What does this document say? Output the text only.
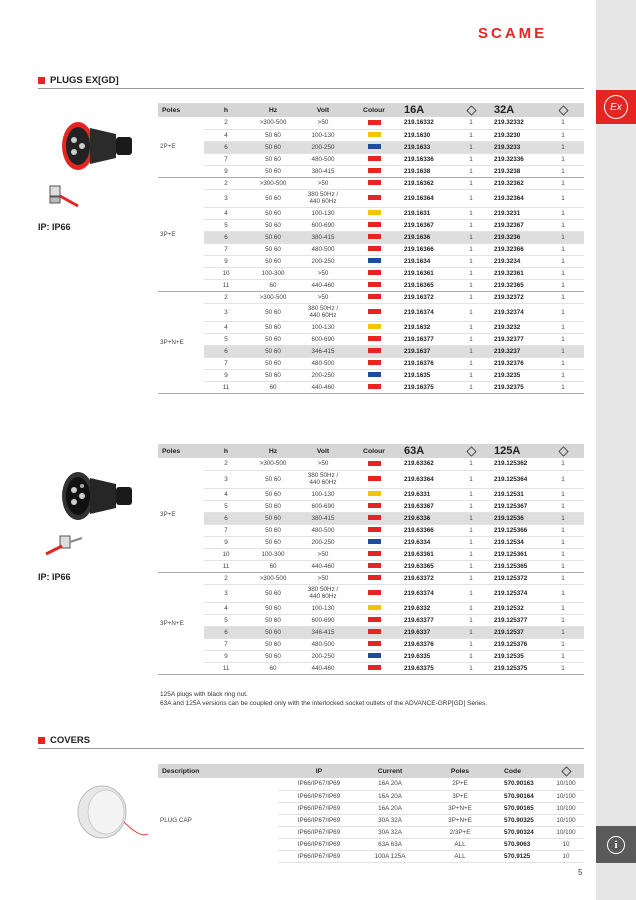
SCAME
Ex
i
PLUGS EX[GD]
IP: IP66
Poles	h	Hz	Volt	Colour	16A		32A	
2P+E	2	>300-500	>50		219.16332	1	219.32332	1
	4	50 60	100-130		219.1630	1	219.3230	1
	6	50 60	200-250		219.1633	1	219.3233	1
	7	50 60	480-500		219.16336	1	219.32336	1
	9	50 60	380-415		219.1638	1	219.3238	1
3P+E	2	>300-500	>50		219.16362	1	219.32362	1
	3	50 60	380 50Hz /
440 60Hz		219.16364	1	219.32364	1
	4	50 60	100-130		219.1631	1	219.3231	1
	5	50 60	600-690		219.16367	1	219.32367	1
	6	50 60	380-415		219.1636	1	219.3236	1
	7	50 60	480-500		219.16366	1	219.32366	1
	9	50 60	200-250		219.1634	1	219.3234	1
	10	100-300	>50		219.16361	1	219.32361	1
	11	60	440-460		219.16365	1	219.32365	1
3P+N+E	2	>300-500	>50		219.16372	1	219.32372	1
	3	50 60	380 50Hz /
440 60Hz		219.16374	1	219.32374	1
	4	50 60	100-130		219.1632	1	219.3232	1
	5	50 60	600-690		219.16377	1	219.32377	1
	6	50 60	346-415		219.1637	1	219.3237	1
	7	50 60	480-500		219.16376	1	219.32376	1
	9	50 60	200-250		219.1635	1	219.3235	1
	11	60	440-460		219.16375	1	219.32375	1
IP: IP66
Poles	h	Hz	Volt	Colour	63A		125A	
3P+E	2	>300-500	>50		219.63362	1	219.125362	1
	3	50 60	380 50Hz /
440 60Hz		219.63364	1	219.125364	1
	4	50 60	100-130		219.6331	1	219.12531	1
	5	50 60	600-690		219.63367	1	219.125367	1
	6	50 60	380-415		219.6336	1	219.12536	1
	7	50 60	480-500		219.63366	1	219.125366	1
	9	50 60	200-250		219.6334	1	219.12534	1
	10	100-300	>50		219.63361	1	219.125361	1
	11	60	440-460		219.63365	1	219.125365	1
3P+N+E	2	>300-500	>50		219.63372	1	219.125372	1
	3	50 60	380 50Hz /
440 60Hz		219.63374	1	219.125374	1
	4	50 60	100-130		219.6332	1	219.12532	1
	5	50 60	600-690		219.63377	1	219.125377	1
	6	50 60	346-415		219.6337	1	219.12537	1
	7	50 60	480-500		219.63376	1	219.125376	1
	9	50 60	200-250		219.6335	1	219.12535	1
	11	60	440-460		219.63375	1	219.125375	1
125A plugs with black ring nut.
63A and 125A versions can be coupled only with the interlocked socket outlets of the ADVANCE-GRP[GD] Series.
COVERS
Description	IP	Current	Poles	Code	
PLUG CAP	IP66/IP67/IP69	16A 20A	2P+E	570.90163	10/100
	IP66/IP67/IP69	16A 20A	3P+E	570.90164	10/100
	IP66/IP67/IP69	16A 20A	3P+N+E	570.90165	10/100
	IP66/IP67/IP69	30A 32A	3P+N+E	570.90325	10/100
	IP66/IP67/IP69	30A 32A	2/3P+E	570.90324	10/100
	IP66/IP67/IP69	63A 63A	ALL	570.9063	10
	IP66/IP67/IP69	100A 125A	ALL	570.9125	10
5
